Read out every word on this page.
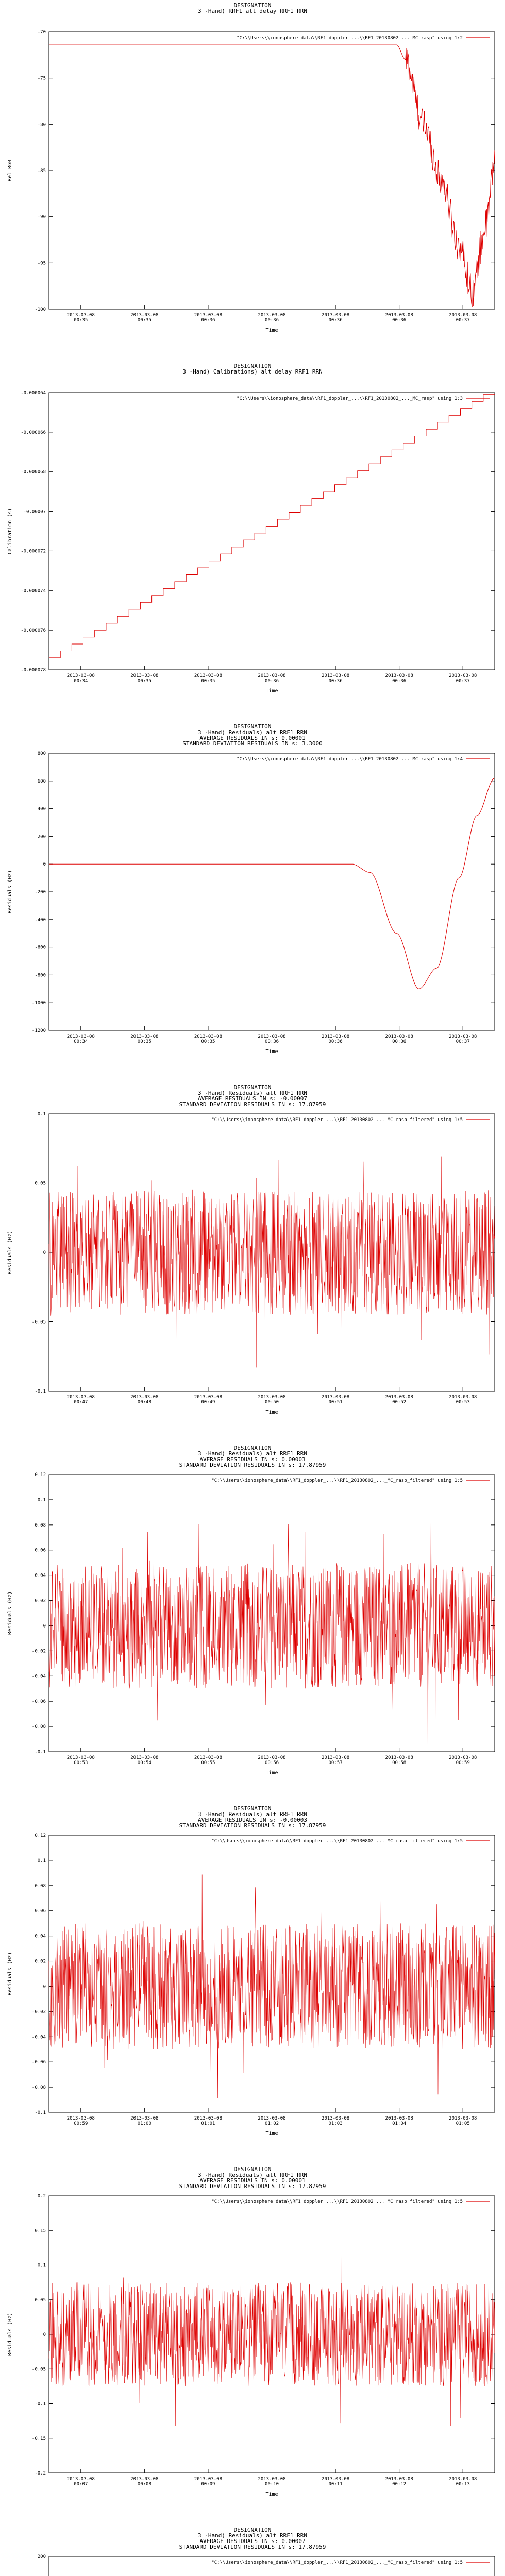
DESIGNATION
3 -Hand) RRF1 alt delay RRF1 RRN
"C:\\Users\\ionosphere_data\\RF1_doppler_...\\RF1_20130802_..._MC_rasp" using 1:2
-70
-75
-80
-85
-90
-95
-100
2013-03-08
00:35
2013-03-08
00:35
2013-03-08
00:36
2013-03-08
00:36
2013-03-08
00:36
2013-03-08
00:36
2013-03-08
00:37
Time
Rel RGB
DESIGNATION
3 -Hand) Calibrations) alt delay RRF1 RRN
"C:\\Users\\ionosphere_data\\RF1_doppler_...\\RF1_20130802_..._MC_rasp" using 1:3
-0.000064
-0.000066
-0.000068
-0.00007
-0.000072
-0.000074
-0.000076
-0.000078
2013-03-08
00:34
2013-03-08
00:35
2013-03-08
00:35
2013-03-08
00:36
2013-03-08
00:36
2013-03-08
00:36
2013-03-08
00:37
Time
Calibration (s)
DESIGNATION
3 -Hand) Residuals) alt RRF1 RRN
AVERAGE RESIDUALS IN s: 0.00001
STANDARD DEVIATION RESIDUALS IN s: 3.3000
"C:\\Users\\ionosphere_data\\RF1_doppler_...\\RF1_20130802_..._MC_rasp" using 1:4
800
600
400
200
0
-200
-400
-600
-800
-1000
-1200
2013-03-08
00:34
2013-03-08
00:35
2013-03-08
00:35
2013-03-08
00:36
2013-03-08
00:36
2013-03-08
00:36
2013-03-08
00:37
Time
Residuals (Hz)
DESIGNATION
3 -Hand) Residuals) alt RRF1 RRN
AVERAGE RESIDUALS IN s: -0.00007
STANDARD DEVIATION RESIDUALS IN s: 17.87959
"C:\\Users\\ionosphere_data\\RF1_doppler_...\\RF1_20130802_..._MC_rasp_filtered" using 1:5
0.1
0.05
0
-0.05
-0.1
2013-03-08
00:47
2013-03-08
00:48
2013-03-08
00:49
2013-03-08
00:50
2013-03-08
00:51
2013-03-08
00:52
2013-03-08
00:53
Time
Residuals (Hz)
DESIGNATION
3 -Hand) Residuals) alt RRF1 RRN
AVERAGE RESIDUALS IN s: 0.00003
STANDARD DEVIATION RESIDUALS IN s: 17.87959
"C:\\Users\\ionosphere_data\\RF1_doppler_...\\RF1_20130802_..._MC_rasp_filtered" using 1:5
0.12
0.1
0.08
0.06
0.04
0.02
0
-0.02
-0.04
-0.06
-0.08
-0.1
2013-03-08
00:53
2013-03-08
00:54
2013-03-08
00:55
2013-03-08
00:56
2013-03-08
00:57
2013-03-08
00:58
2013-03-08
00:59
Time
Residuals (Hz)
DESIGNATION
3 -Hand) Residuals) alt RRF1 RRN
AVERAGE RESIDUALS IN s: -0.00003
STANDARD DEVIATION RESIDUALS IN s: 17.87959
"C:\\Users\\ionosphere_data\\RF1_doppler_...\\RF1_20130802_..._MC_rasp_filtered" using 1:5
0.12
0.1
0.08
0.06
0.04
0.02
0
-0.02
-0.04
-0.06
-0.08
-0.1
2013-03-08
00:59
2013-03-08
01:00
2013-03-08
01:01
2013-03-08
01:02
2013-03-08
01:03
2013-03-08
01:04
2013-03-08
01:05
Time
Residuals (Hz)
DESIGNATION
3 -Hand) Residuals) alt RRF1 RRN
AVERAGE RESIDUALS IN s: 0.00001
STANDARD DEVIATION RESIDUALS IN s: 17.87959
"C:\\Users\\ionosphere_data\\RF1_doppler_...\\RF1_20130802_..._MC_rasp_filtered" using 1:5
0.2
0.15
0.1
0.05
0
-0.05
-0.1
-0.15
-0.2
2013-03-08
00:07
2013-03-08
00:08
2013-03-08
00:09
2013-03-08
00:10
2013-03-08
00:11
2013-03-08
00:12
2013-03-08
00:13
Time
Residuals (Hz)
DESIGNATION
3 -Hand) Residuals) alt RRF1 RRN
AVERAGE RESIDUALS IN s: 0.00007
STANDARD DEVIATION RESIDUALS IN s: 17.87959
"C:\\Users\\ionosphere_data\\RF1_doppler_...\\RF1_20130802_..._MC_rasp_filtered" using 1:5
200
